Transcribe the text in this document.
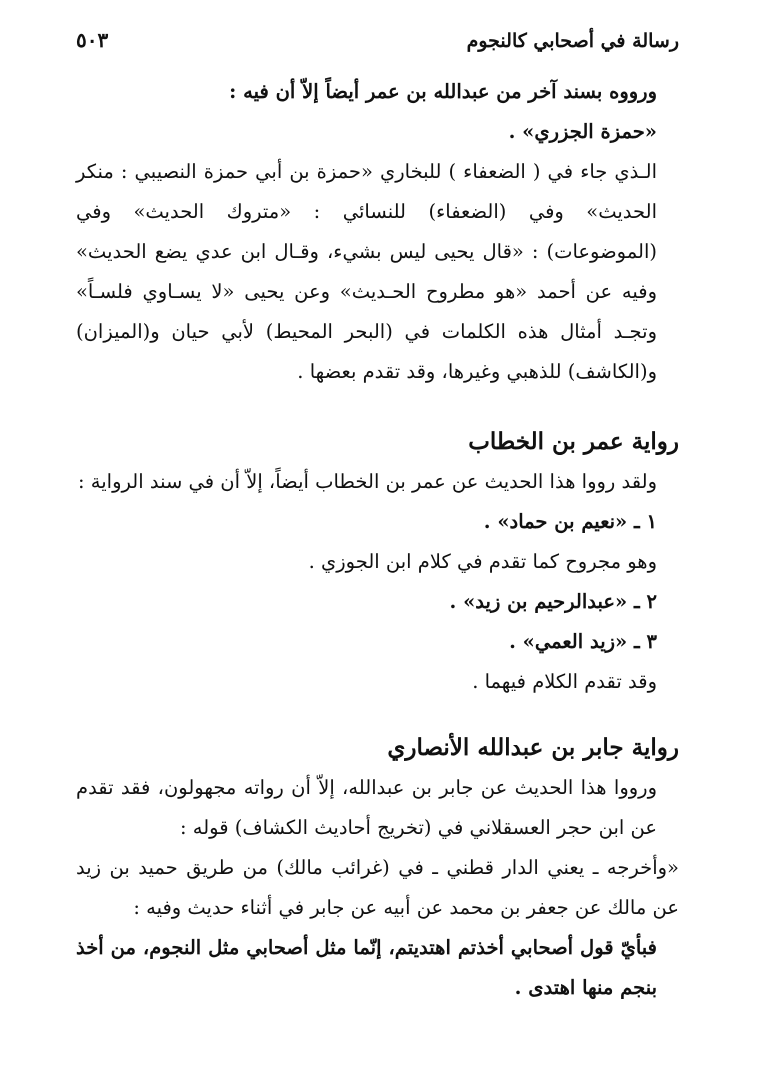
رسالة في أصحابي كالنجوم
٥٠٣

ورووه بسند آخر من عبدالله بن عمر أيضاً إلاّ أن فيه :

«حمزة الجزري» .

الـذي جاء في ( الضعفاء ) للبخاري «حمزة بن أبي حمزة النصيبي : منكر الحديث» وفي (الضعفاء) للنسائي : «متروك الحديث» وفي (الموضوعات) : «قال يحيى ليس بشيء، وقـال ابن عدي يضع الحديث» وفيه عن أحمد «هو مطروح الحـديث» وعن يحيى «لا يسـاوي فلسـاً» وتجـد أمثال هذه الكلمات في (البحر المحيط) لأبي حيان و(الميزان) و(الكاشف) للذهبي وغيرها، وقد تقدم بعضها .

رواية عمر بن الخطاب

ولقد رووا هذا الحديث عن عمر بن الخطاب أيضاً، إلاّ أن في سند الرواية :

١ ـ «نعيم بن حماد» .

وهو مجروح كما تقدم في كلام ابن الجوزي .

٢ ـ «عبدالرحيم بن زيد» .

٣ ـ «زيد العمي» .

وقد تقدم الكلام فيهما .

رواية جابر بن عبدالله الأنصاري

ورووا هذا الحديث عن جابر بن عبدالله، إلاّ أن رواته مجهولون، فقد تقدم عن ابن حجر العسقلاني في (تخريج أحاديث الكشاف) قوله :

«وأخرجه ـ يعني الدار قطني ـ في (غرائب مالك) من طريق حميد بن زيد عن مالك عن جعفر بن محمد عن أبيه عن جابر في أثناء حديث وفيه :

فبأيّ قول أصحابي أخذتم اهتديتم، إنّما مثل أصحابي مثل النجوم، من أخذ بنجم منها اهتدى .
